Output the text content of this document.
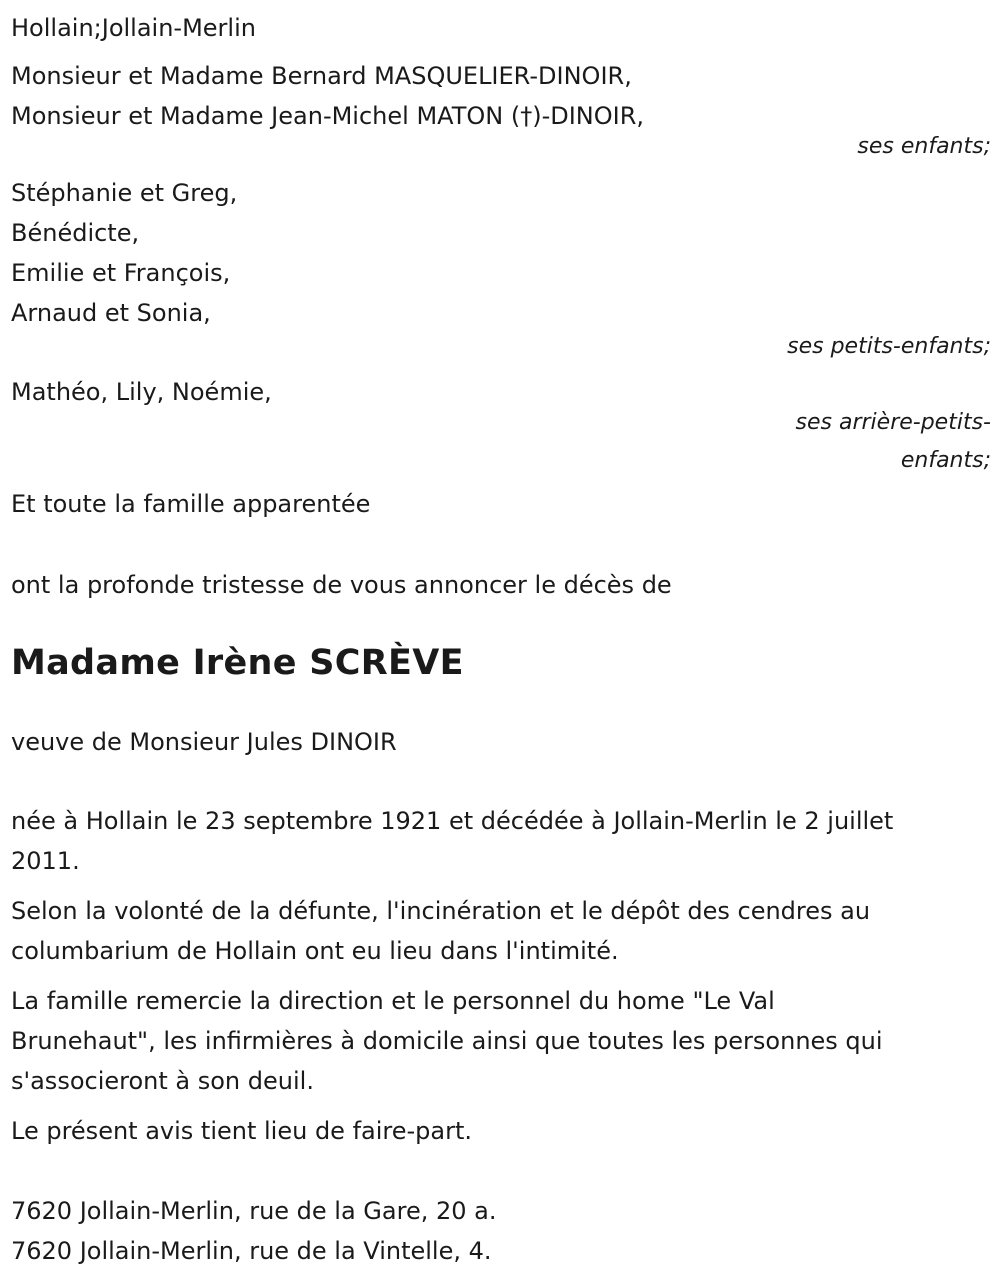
Hollain;Jollain-Merlin
Monsieur et Madame Bernard MASQUELIER-DINOIR,
Monsieur et Madame Jean-Michel MATON (†)-DINOIR,
ses enfants;
Stéphanie et Greg,
Bénédicte,
Emilie et François,
Arnaud et Sonia,
ses petits-enfants;
Mathéo, Lily, Noémie,
ses arrière-petits-
enfants;
Et toute la famille apparentée
ont la profonde tristesse de vous annoncer le décès de
Madame Irène SCRÈVE
veuve de Monsieur Jules DINOIR
née à Hollain le 23 septembre 1921 et décédée à Jollain-Merlin le 2 juillet
2011.
Selon la volonté de la défunte, l'incinération et le dépôt des cendres au
columbarium de Hollain ont eu lieu dans l'intimité.
La famille remercie la direction et le personnel du home "Le Val
Brunehaut", les infirmières à domicile ainsi que toutes les personnes qui
s'associeront à son deuil.
Le présent avis tient lieu de faire-part.
7620 Jollain-Merlin, rue de la Gare, 20 a.
7620 Jollain-Merlin, rue de la Vintelle, 4.
